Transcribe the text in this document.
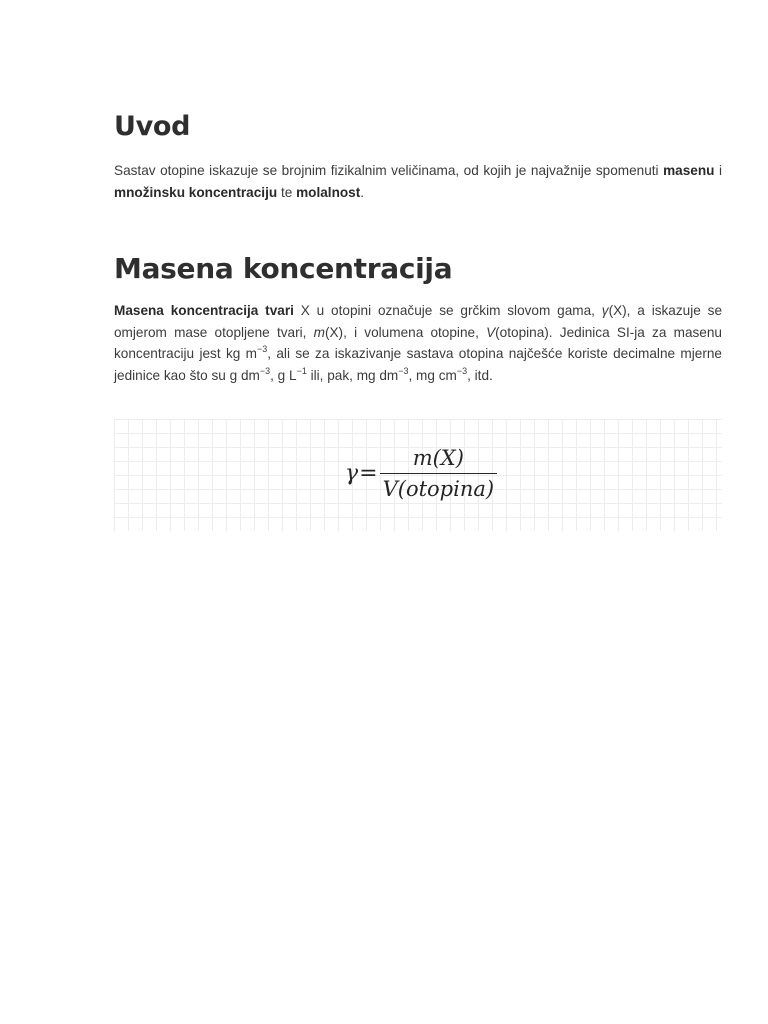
Uvod

Sastav otopine iskazuje se brojnim fizikalnim veličinama, od kojih je najvažnije spomenuti masenu i množinsku koncentraciju te molalnost.

Masena koncentracija

Masena koncentracija tvari X u otopini označuje se grčkim slovom gama, γ(X), a iskazuje se omjerom mase otopljene tvari, m(X), i volumena otopine, V(otopina). Jedinica SI-ja za masenu koncentraciju jest kg $m^{-3}$, ali se za iskazivanje sastava otopina najčešće koriste decimalne mjerne jedinice kao što su g $dm^{-3}$, g $L^{-1}$ ili, pak, mg $dm^{-3}$, mg $cm^{-3}$, itd.

$\gamma = \frac{m(X)}{\text{V(otopina)}}$
